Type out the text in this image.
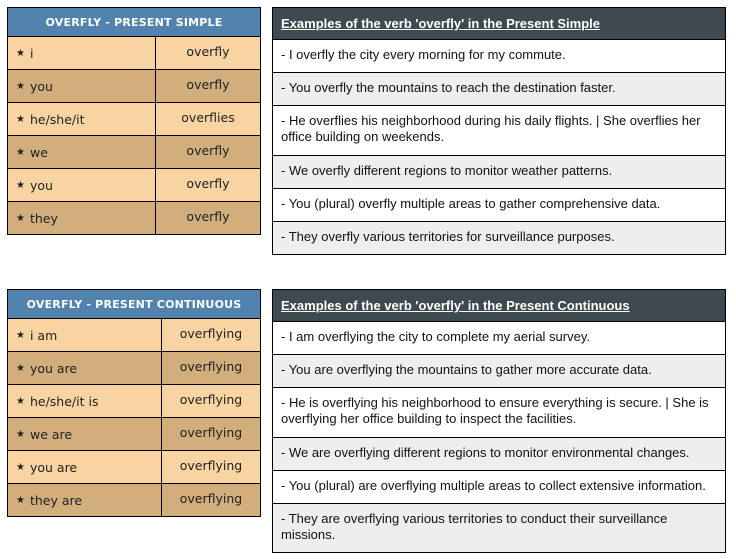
OVERFLY - PRESENT SIMPLE
★ i	overfly
★ you	overfly
★ he/she/it	overflies
★ we	overfly
★ you	overfly
★ they	overfly
Examples of the verb 'overfly' in the Present Simple
- I overfly the city every morning for my commute.
- You overfly the mountains to reach the destination faster.
- He overflies his neighborhood during his daily flights. | She overflies her office building on weekends.
- We overfly different regions to monitor weather patterns.
- You (plural) overfly multiple areas to gather comprehensive data.
- They overfly various territories for surveillance purposes.
OVERFLY - PRESENT CONTINUOUS
★ i am	overflying
★ you are	overflying
★ he/she/it is	overflying
★ we are	overflying
★ you are	overflying
★ they are	overflying
Examples of the verb 'overfly' in the Present Continuous
- I am overflying the city to complete my aerial survey.
- You are overflying the mountains to gather more accurate data.
- He is overflying his neighborhood to ensure everything is secure. | She is overflying her office building to inspect the facilities.
- We are overflying different regions to monitor environmental changes.
- You (plural) are overflying multiple areas to collect extensive information.
- They are overflying various territories to conduct their surveillance missions.
